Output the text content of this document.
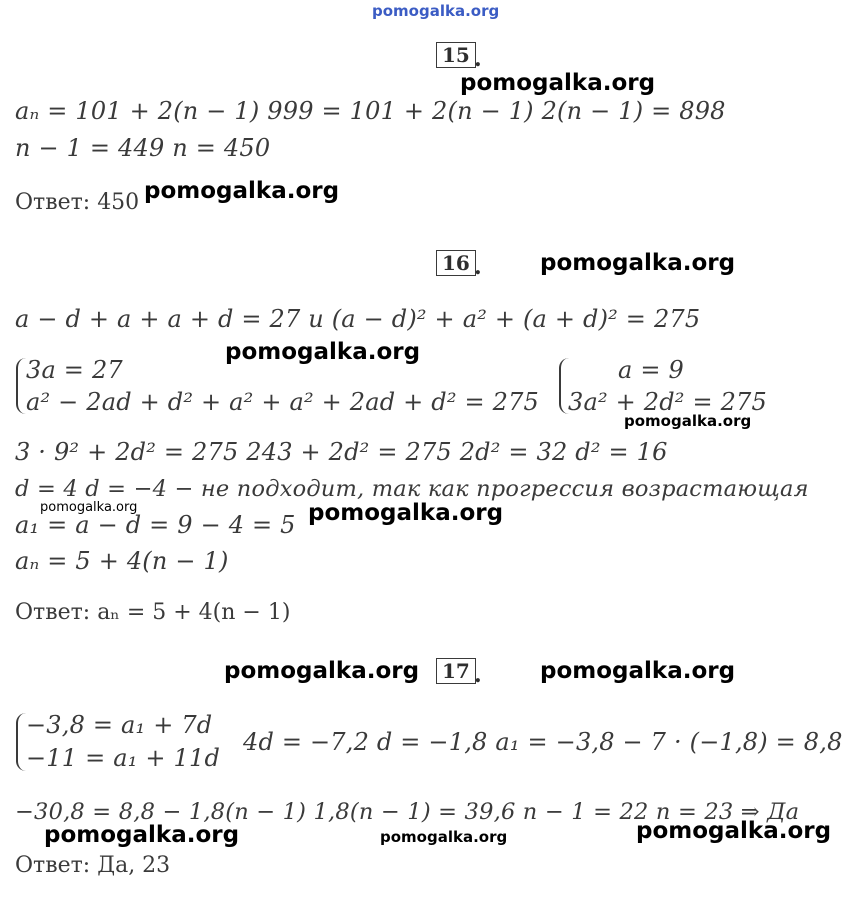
pomogalka.org
15 .
pomogalka.org
aₙ = 101 + 2(n − 1) 999 = 101 + 2(n − 1) 2(n − 1) = 898
n − 1 = 449 n = 450
Ответ: 450 pomogalka.org
16 .	pomogalka.org
a − d + a + a + d = 27 и (a − d)² + a² + (a + d)² = 275
pomogalka.org
3a = 27
a² − 2ad + d² + a² + a² + 2ad + d² = 275
a = 9
3a² + 2d² = 275
pomogalka.org
3 · 9² + 2d² = 275 243 + 2d² = 275 2d² = 32 d² = 16
d = 4 d = −4 − не подходит, так как прогрессия возрастающая
pomogalka.org
a₁ = a − d = 9 − 4 = 5 pomogalka.org
aₙ = 5 + 4(n − 1)
Ответ: aₙ = 5 + 4(n − 1)
pomogalka.org	17 .	pomogalka.org
−3,8 = a₁ + 7d
−11 = a₁ + 11d
4d = −7,2 d = −1,8 a₁ = −3,8 − 7 · (−1,8) = 8,8
−30,8 = 8,8 − 1,8(n − 1) 1,8(n − 1) = 39,6 n − 1 = 22 n = 23 ⇒ Да
pomogalka.org	pomogalka.org	pomogalka.org
Ответ: Да, 23
